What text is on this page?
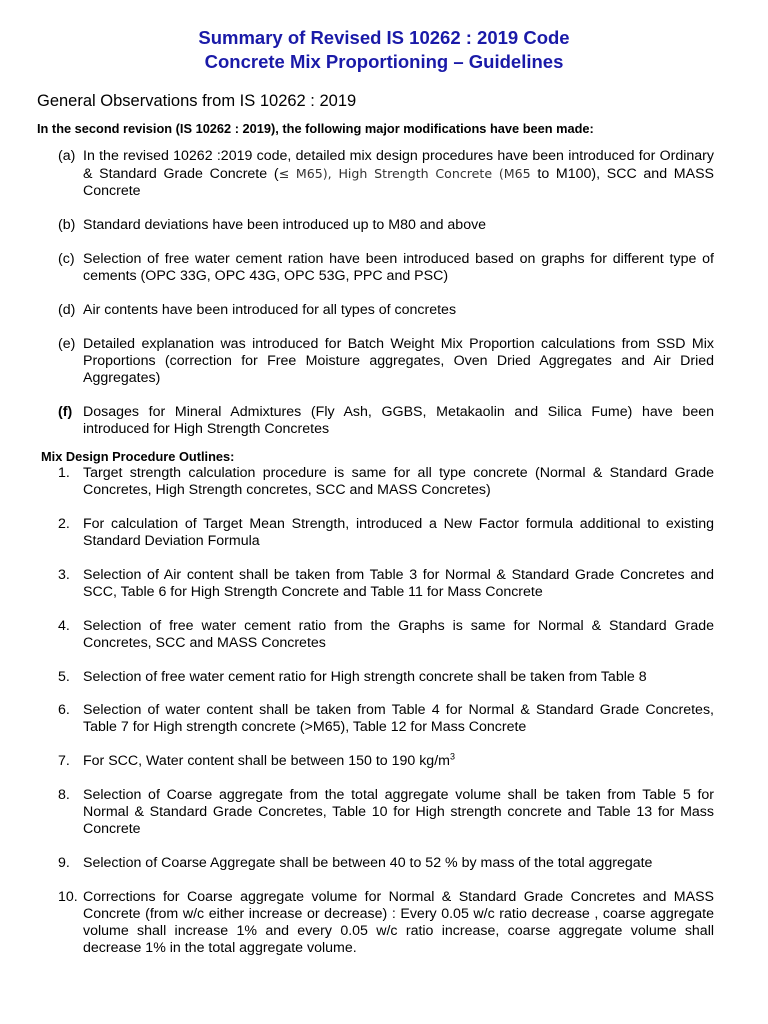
Summary of Revised IS 10262 : 2019 Code

Concrete Mix Proportioning – Guidelines

General Observations from IS 10262 : 2019

In the second revision (IS 10262 : 2019), the following major modifications have been made:

(a) In the revised 10262 :2019 code, detailed mix design procedures have been introduced for Ordinary & Standard Grade Concrete (≤ M65), High Strength Concrete (M65 to M100), SCC and MASS Concrete
(b) Standard deviations have been introduced up to M80 and above
(c) Selection of free water cement ration have been introduced based on graphs for different type of cements (OPC 33G, OPC 43G, OPC 53G, PPC and PSC)
(d) Air contents have been introduced for all types of concretes
(e) Detailed explanation was introduced for Batch Weight Mix Proportion calculations from SSD Mix Proportions (correction for Free Moisture aggregates, Oven Dried Aggregates and Air Dried Aggregates)
(f) Dosages for Mineral Admixtures (Fly Ash, GGBS, Metakaolin and Silica Fume) have been introduced for High Strength Concretes

Mix Design Procedure Outlines:

1. Target strength calculation procedure is same for all type concrete (Normal & Standard Grade Concretes, High Strength concretes, SCC and MASS Concretes)
2. For calculation of Target Mean Strength, introduced a New Factor formula additional to existing Standard Deviation Formula
3. Selection of Air content shall be taken from Table 3 for Normal & Standard Grade Concretes and SCC, Table 6 for High Strength Concrete and Table 11 for Mass Concrete
4. Selection of free water cement ratio from the Graphs is same for Normal & Standard Grade Concretes, SCC and MASS Concretes
5. Selection of free water cement ratio for High strength concrete shall be taken from Table 8
6. Selection of water content shall be taken from Table 4 for Normal & Standard Grade Concretes, Table 7 for High strength concrete (>M65), Table 12 for Mass Concrete
7. For SCC, Water content shall be between 150 to 190 $kg/m^3$
8. Selection of Coarse aggregate from the total aggregate volume shall be taken from Table 5 for Normal & Standard Grade Concretes, Table 10 for High strength concrete and Table 13 for Mass Concrete
9. Selection of Coarse Aggregate shall be between 40 to 52 % by mass of the total aggregate
10. Corrections for Coarse aggregate volume for Normal & Standard Grade Concretes and MASS Concrete (from w/c either increase or decrease) : Every 0.05 w/c ratio decrease , coarse aggregate volume shall increase 1% and every 0.05 w/c ratio increase, coarse aggregate volume shall decrease 1% in the total aggregate volume.
